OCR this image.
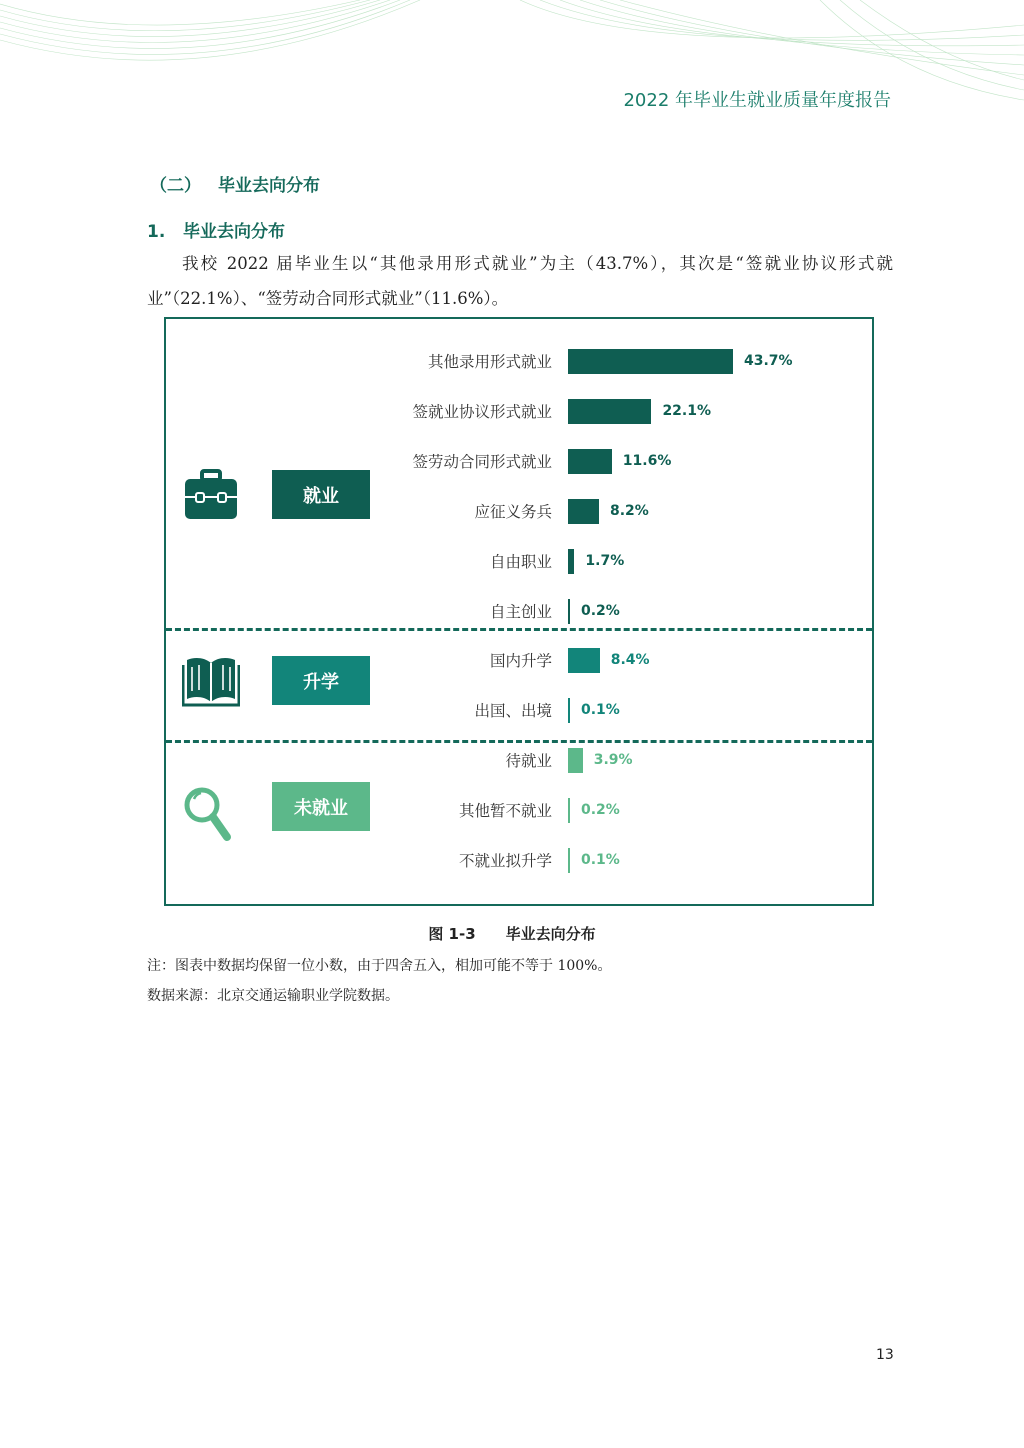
2022 年毕业生就业质量年度报告
（二） 毕业去向分布
1. 毕业去向分布
我校 2022 届毕业生以“其他录用形式就业”为主（43.7%），其次是“签就业协议形式就业”（22.1%）、“签劳动合同形式就业”（11.6%）。
就业
升学
未就业
其他录用形式就业	43.7%
签就业协议形式就业	22.1%
签劳动合同形式就业	11.6%
应征义务兵	8.2%
自由职业 1.7%
自主创业 0.2%
国内升学	8.4%
出国、出境 0.1%
待就业	3.9%
其他暂不就业 0.2%
不就业拟升学 0.1%
图 1-3 毕业去向分布
注：图表中数据均保留一位小数，由于四舍五入，相加可能不等于 100%。
数据来源：北京交通运输职业学院数据。
13
